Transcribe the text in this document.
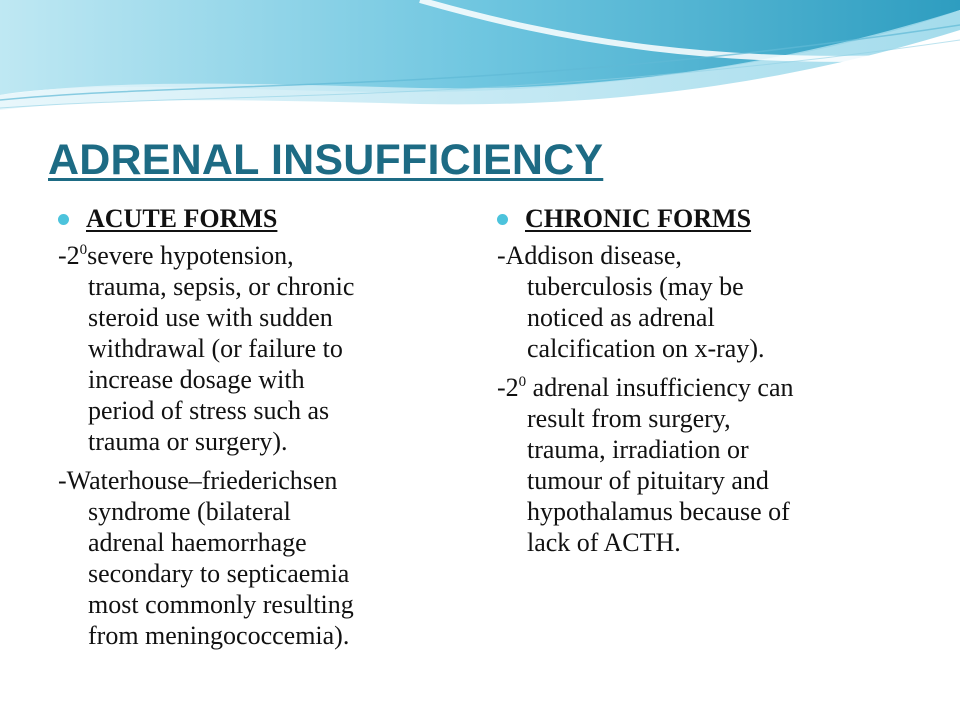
ADRENAL INSUFFICIENCY
ACUTE FORMS
$-2^0severe$ hypotension,
trauma, sepsis, or chronic
steroid use with sudden
withdrawal (or failure to
increase dosage with
period of stress such as
trauma or surgery).
-Waterhouse–friederichsen
syndrome (bilateral
adrenal haemorrhage
secondary to septicaemia
most commonly resulting
from meningococcemia).
CHRONIC FORMS
-Addison disease,
tuberculosis (may be
noticed as adrenal
calcification on x-ray).
$-2^0$ adrenal insufficiency can
result from surgery,
trauma, irradiation or
tumour of pituitary and
hypothalamus because of
lack of ACTH.
